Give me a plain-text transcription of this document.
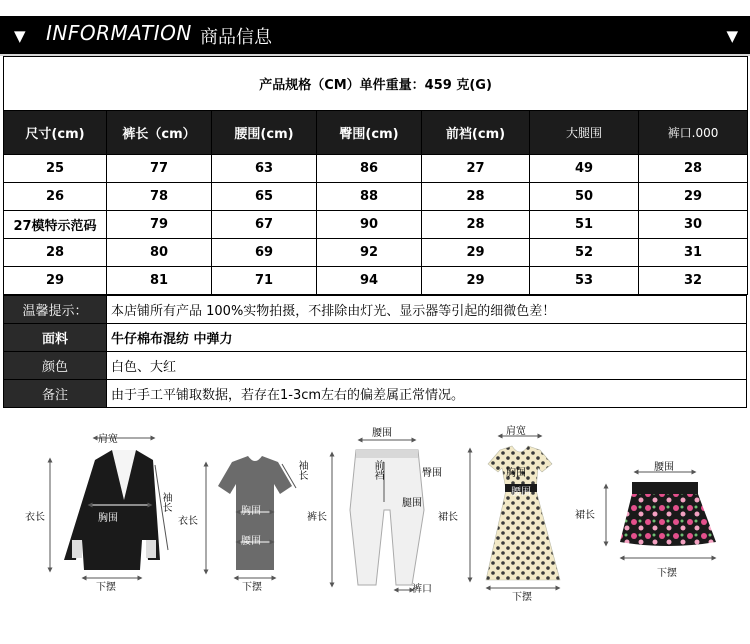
▼ INFORMATION 商品信息	▼
产品规格（CM）单件重量：459 克(G)						
尺寸(cm)	裤长（cm）	腰围(cm)	臀围(cm)	前裆(cm)	大腿围	裤口.000
25	77	63	86	27	49	28
26	78	65	88	28	50	29
27模特示范码	79	67	90	28	51	30
28	80	69	92	29	52	31
29	81	71	94	29	53	32
温馨提示：	本店铺所有产品 100%实物拍摄，不排除由灯光、显示器等引起的细微色差！
面料	牛仔棉布混纺 中弹力
颜色	白色、大红
备注	由于手工平铺取数据，若存在1-3cm左右的偏差属正常情况。
肩宽
衣长	胸围
袖长
下摆
袖长
衣长
胸围
腰围
下摆
腰围
前裆	臀围
腿围
裤长
裤口
肩宽
胸围
腰围
裙长
下摆
腰围
裙长
下摆
